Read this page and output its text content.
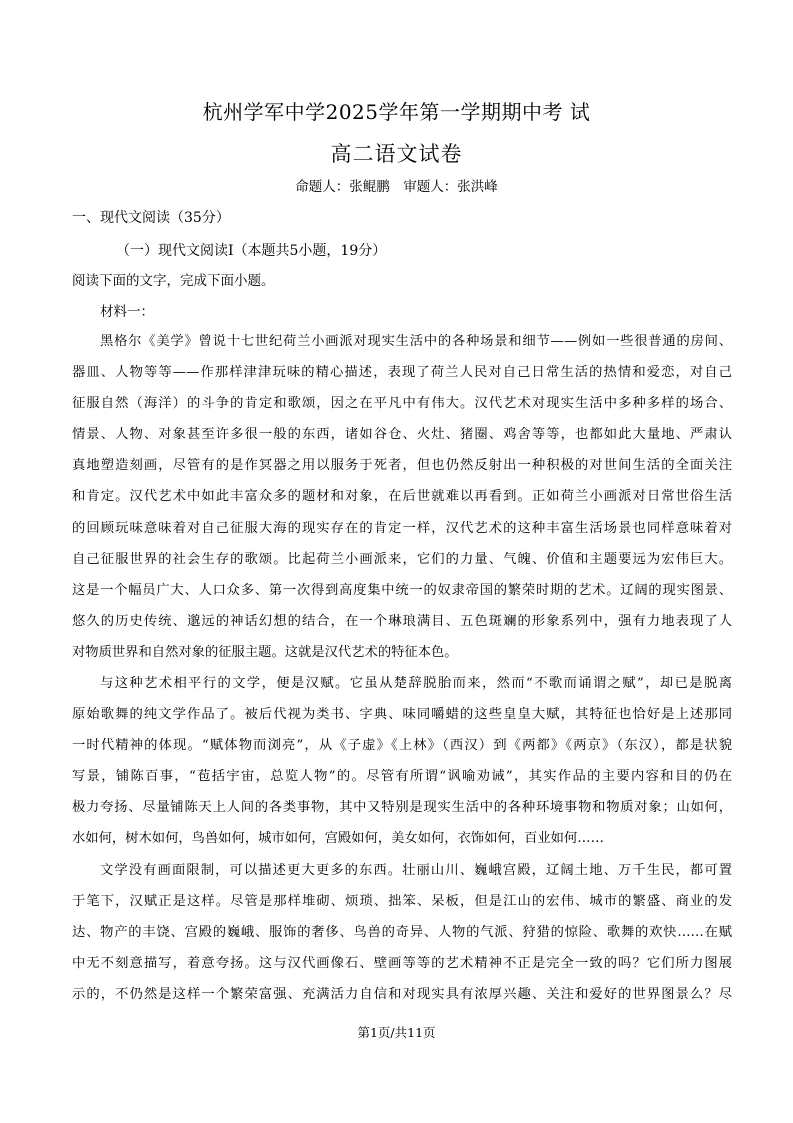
杭州学军中学2025学年第一学期期中考 试
高二语文试卷
命题人：张鲲鹏　审题人：张洪峰
一、现代文阅读（35分）
（一）现代文阅读Ⅰ（本题共5小题，19分）
阅读下面的文字，完成下面小题。
材料一：
黑格尔《美学》曾说十七世纪荷兰小画派对现实生活中的各种场景和细节——例如一些很普通的房间、
器皿、人物等等——作那样津津玩味的精心描述，表现了荷兰人民对自己日常生活的热情和爱恋，对自己
征服自然（海洋）的斗争的肯定和歌颂，因之在平凡中有伟大。汉代艺术对现实生活中多种多样的场合、
情景、人物、对象甚至许多很一般的东西，诸如谷仓、火灶、猪圈、鸡舍等等，也都如此大量地、严肃认
真地塑造刻画，尽管有的是作冥器之用以服务于死者，但也仍然反射出一种积极的对世间生活的全面关注
和肯定。汉代艺术中如此丰富众多的题材和对象，在后世就难以再看到。正如荷兰小画派对日常世俗生活
的回顾玩味意味着对自己征服大海的现实存在的肯定一样，汉代艺术的这种丰富生活场景也同样意味着对
自己征服世界的社会生存的歌颂。比起荷兰小画派来，它们的力量、气魄、价值和主题要远为宏伟巨大。
这是一个幅员广大、人口众多、第一次得到高度集中统一的奴隶帝国的繁荣时期的艺术。辽阔的现实图景、
悠久的历史传统、邈远的神话幻想的结合，在一个琳琅满目、五色斑斓的形象系列中，强有力地表现了人
对物质世界和自然对象的征服主题。这就是汉代艺术的特征本色。
与这种艺术相平行的文学，便是汉赋。它虽从楚辞脱胎而来，然而“不歌而诵谓之赋”，却已是脱离
原始歌舞的纯文学作品了。被后代视为类书、字典、味同嚼蜡的这些皇皇大赋，其特征也恰好是上述那同
一时代精神的体现。“赋体物而浏亮”，从《子虚》《上林》（西汉）到《两都》《两京》（东汉），都是状貌
写景，铺陈百事，“苞括宇宙，总览人物”的。尽管有所谓“讽喻劝诫”，其实作品的主要内容和目的仍在
极力夸扬、尽量铺陈天上人间的各类事物，其中又特别是现实生活中的各种环境事物和物质对象；山如何，
水如何，树木如何，鸟兽如何，城市如何，宫殿如何，美女如何，衣饰如何，百业如何……
文学没有画面限制，可以描述更大更多的东西。壮丽山川、巍峨宫殿，辽阔土地、万千生民，都可置
于笔下，汉赋正是这样。尽管是那样堆砌、烦琐、拙笨、呆板，但是江山的宏伟、城市的繁盛、商业的发
达、物产的丰饶、宫殿的巍峨、服饰的奢侈、鸟兽的奇异、人物的气派、狩猎的惊险、歌舞的欢快……在赋
中无不刻意描写，着意夸扬。这与汉代画像石、壁画等等的艺术精神不正是完全一致的吗？它们所力图展
示的，不仍然是这样一个繁荣富强、充满活力自信和对现实具有浓厚兴趣、关注和爱好的世界图景么？尽
第1页/共11页
